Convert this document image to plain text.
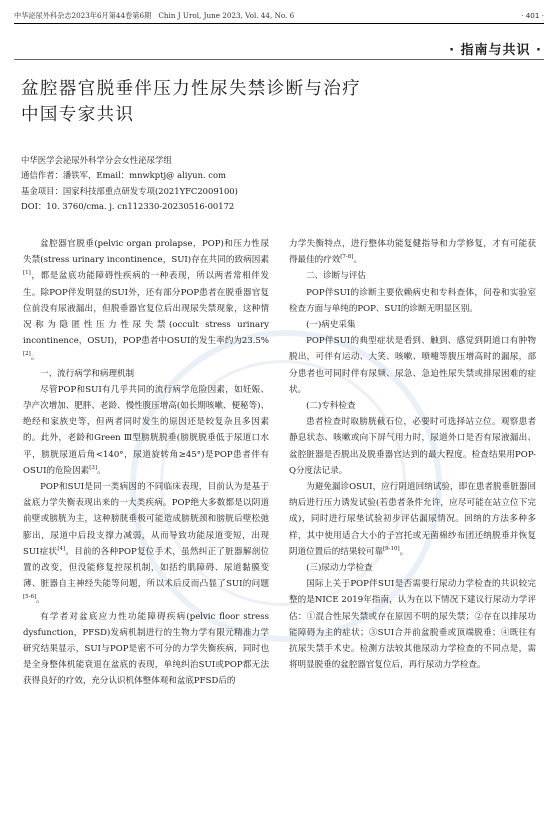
中华泌尿外科杂志2023年6月第44卷第6期　Chin J Urol, June 2023, Vol. 44, No. 6	· 401 ·
· 指南与共识 ·
盆腔器官脱垂伴压力性尿失禁诊断与治疗
中国专家共识
中华医学会泌尿外科学分会女性泌尿学组
通信作者：潘铁军，Email：mnwkptj@ aliyun. com
基金项目：国家科技部重点研发专项(2021YFC2009100)
DOI：10. 3760/cma. j. cn112330-20230516-00172

盆腔器官脱垂(pelvic organ prolapse，POP)和压力性尿失禁(stress urinary incontinence，SUI)存在共同的致病因素[1]，都是盆底功能障碍性疾病的一种表现，所以两者常相伴发生。除POP伴发明显的SUI外，还有部分POP患者在脱垂器官复位前没有尿液漏出，但脱垂器官复位后出现尿失禁现象，这种情况称为隐匿性压力性尿失禁(occult stress urinary incontinence，OSUI)，POP患者中OSUI的发生率约为23.5%[2]。

一、流行病学和病理机制

尽管POP和SUI有几乎共同的流行病学危险因素，如妊娠、孕产次增加、肥胖、老龄、慢性腹压增高(如长期咳嗽、便秘等)、绝经和家族史等，但两者同时发生的原因还是较复杂且多因素的。此外，老龄和Green Ⅲ型膀胱脱垂(膀胱脱垂低于尿道口水平，膀胱尿道后角<140°，尿道旋转角≥45°)是POP患者伴有OSUI的危险因素[3]。

POP和SUI是同一类病因的不同临床表现，目前认为是基于盆底力学失衡表现出来的一大类疾病。POP绝大多数都是以阴道前壁或膀胱为主，这种膀胱垂极可能造成膀胱颈和膀胱后壁松弛膨出，尿道中后段支撑力减弱，从而导致功能尿道变短，出现SUI症状[4]。目前的各种POP复位手术，虽然纠正了脏器解剖位置的改变，但没能修复控尿机制，如括约肌障碍、尿道黏膜变薄、脏器自主神经失能等问题，所以术后反而凸显了SUI的问题[5-6]。

有学者对盆底应力性功能障碍疾病(pelvic floor stress dysfunction，PFSD)发病机制进行的生物力学有限元精准力学研究结果显示，SUI与POP是密不可分的力学失衡疾病，同时也是全身整体机能衰退在盆底的表现，单纯纠治SUI或POP都无法获得良好的疗效，充分认识机体整体观和盆底PFSD后的

力学失衡特点，进行整体功能复健指导和力学修复，才有可能获得最佳的疗效[7-8]。

二、诊断与评估

POP伴SUI的诊断主要依赖病史和专科查体，问卷和实验室检查方面与单纯的POP、SUI的诊断无明显区别。

(一)病史采集

POP伴SUI的典型症状是看到、触到、感觉到阴道口有肿物脱出，可伴有运动、大笑、咳嗽、喷嚏等腹压增高时的漏尿，部分患者也可同时伴有尿频、尿急、急迫性尿失禁或排尿困难的症状。

(二)专科检查

患者检查时取膀胱截石位，必要时可选择站立位。观察患者静息状态、咳嗽或向下屏气用力时，尿道外口是否有尿液漏出、盆腔脏器是否脱出及脱垂器官达到的最大程度。检查结果用POP-Q分度法记录。

为避免漏诊OSUI，应行阴道回纳试验，即在患者脱垂脏器回纳后进行压力诱发试验(若患者条件允许，应尽可能在站立位下完成)，同时进行尿垫试验初步评估漏尿情况。回纳的方法多种多样，其中使用适合大小的子宫托或无菌棉纱布团还纳脱垂并恢复阴道位置后的结果较可靠[9-10]。

(三)尿动力学检查

国际上关于POP伴SUI是否需要行尿动力学检查的共识较完整的是NICE 2019年指南，认为在以下情况下建议行尿动力学评估：①混合性尿失禁或存在原因不明的尿失禁；②存在以排尿功能障碍为主的症状；③SUI合并前盆脱垂或顶端脱垂；④既往有抗尿失禁手术史。检测方法较其他尿动力学检查的不同点是，需将明显脱垂的盆腔器官复位后，再行尿动力学检查。
